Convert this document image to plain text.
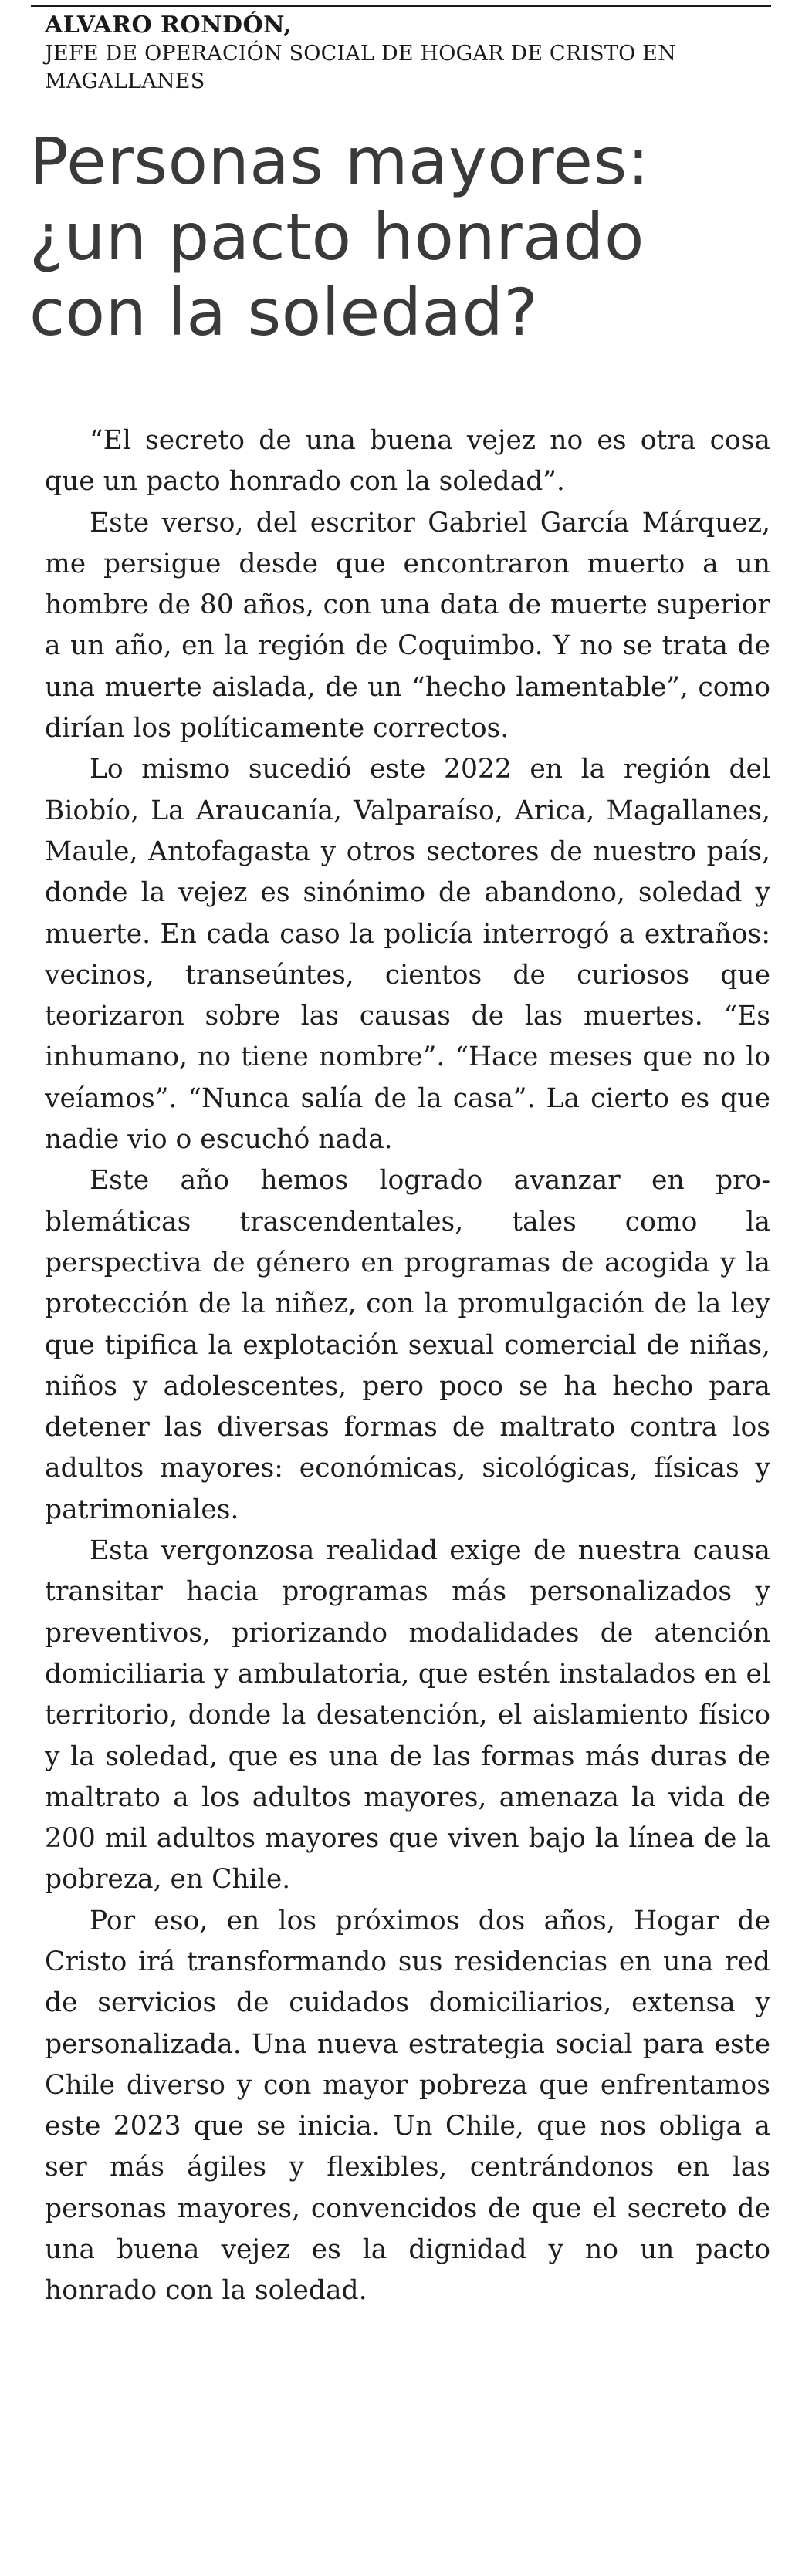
ALVARO RONDÓN,
JEFE DE OPERACIÓN SOCIAL DE HOGAR DE CRISTO EN MAGALLANES
Personas mayores: ¿un pacto honrado con la soledad?

“El secreto de una buena vejez no es otra cosa que un pacto honrado con la soledad”.

Este verso, del escritor Gabriel García Márquez, me persigue desde que encontraron muerto a un hombre de 80 años, con una data de muerte superior a un año, en la región de Coquimbo. Y no se trata de una muerte aislada, de un “hecho lamentable”, como dirían los políticamente correctos.

Lo mismo sucedió este 2022 en la región del Biobío, La Araucanía, Valparaíso, Arica, Magallanes, Maule, Antofagasta y otros sectores de nuestro país, donde la vejez es sinónimo de abandono, soledad y muerte. En cada caso la policía interrogó a extraños: vecinos, transeúntes, cientos de curiosos que teorizaron sobre las causas de las muertes. “Es inhumano, no tiene nombre”. “Hace meses que no lo veíamos”. “Nunca salía de la casa”. La cierto es que nadie vio o escuchó nada.

Este año hemos logrado avanzar en problemáticas trascendentales, tales como la perspectiva de género en programas de acogida y la protección de la niñez, con la promulgación de la ley que tipifica la explotación sexual comercial de niñas, niños y adolescentes, pero poco se ha hecho para detener las diversas formas de maltrato contra los adultos mayores: económicas, sicológicas, físicas y patrimoniales.

Esta vergonzosa realidad exige de nuestra causa transitar hacia programas más personalizados y preventivos, priorizando modalidades de atención domiciliaria y ambulatoria, que estén instalados en el territorio, donde la desatención, el aislamiento físico y la soledad, que es una de las formas más duras de maltrato a los adultos mayores, amenaza la vida de 200 mil adultos mayores que viven bajo la línea de la pobreza, en Chile.

Por eso, en los próximos dos años, Hogar de Cristo irá transformando sus residencias en una red de servicios de cuidados domiciliarios, extensa y personalizada. Una nueva estrategia social para este Chile diverso y con mayor pobreza que enfrentamos este 2023 que se inicia. Un Chile, que nos obliga a ser más ágiles y flexibles, centrándonos en las personas mayores, convencidos de que el secreto de una buena vejez es la dignidad y no un pacto honrado con la soledad.
